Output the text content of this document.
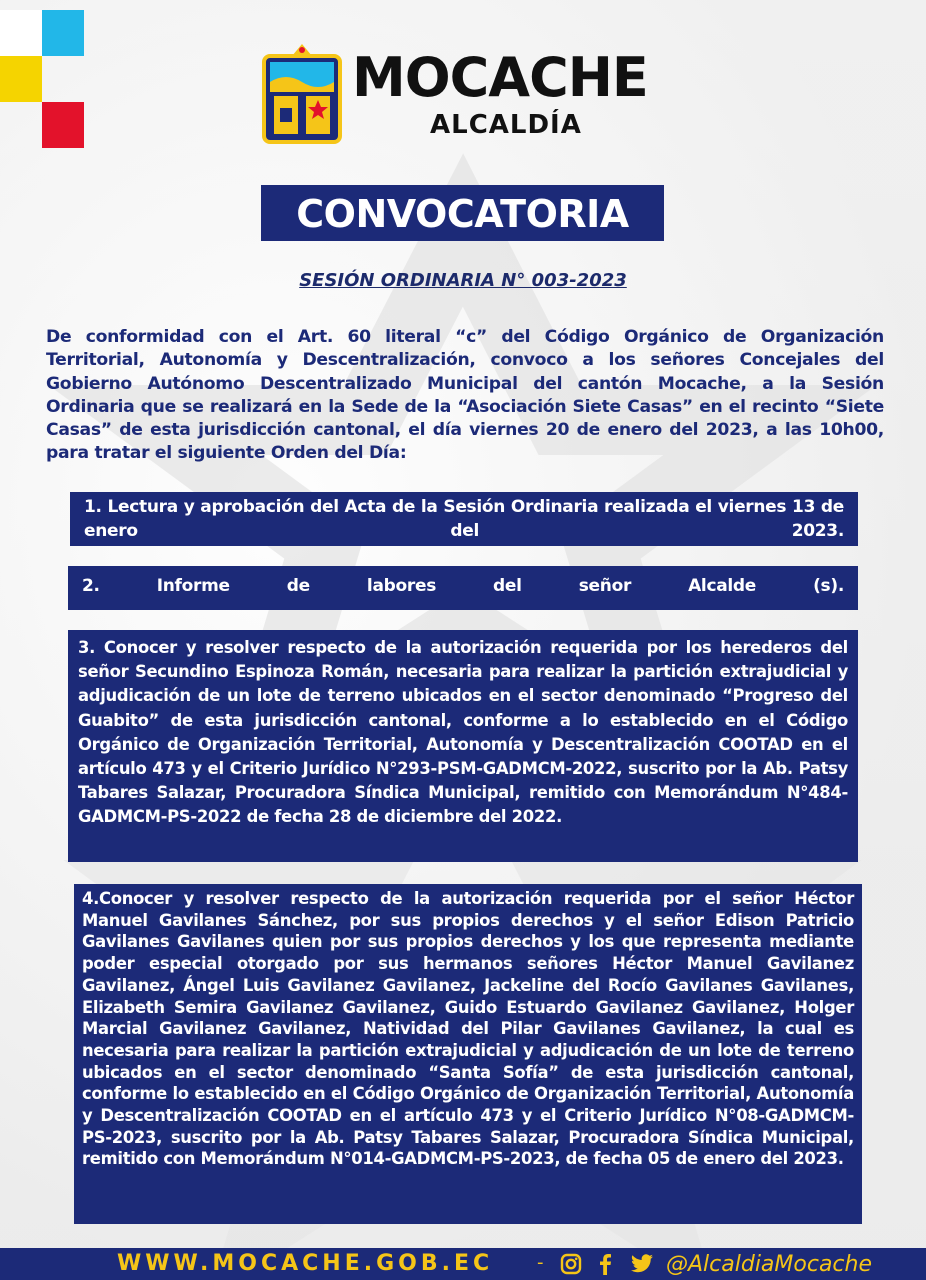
MOCACHE
ALCALDÍA
CONVOCATORIA
SESIÓN ORDINARIA N° 003-2023
De conformidad con el Art. 60 literal “c” del Código Orgánico de Organización Territorial, Autonomía y Descentralización, convoco a los señores Concejales del Gobierno Autónomo Descentralizado Municipal del cantón Mocache, a la Sesión Ordinaria que se realizará en la Sede de la “Asociación Siete Casas” en el recinto “Siete Casas” de esta jurisdicción cantonal, el día viernes 20 de enero del 2023, a las 10h00, para tratar el siguiente Orden del Día:
1. Lectura y aprobación del Acta de la Sesión Ordinaria realizada el viernes 13 de enero del 2023.
2. Informe de labores del señor Alcalde (s).
3. Conocer y resolver respecto de la autorización requerida por los herederos del señor Secundino Espinoza Román, necesaria para realizar la partición extrajudicial y adjudicación de un lote de terreno ubicados en el sector denominado “Progreso del Guabito” de esta jurisdicción cantonal, conforme a lo establecido en el Código Orgánico de Organización Territorial, Autonomía y Descentralización COOTAD en el artículo 473 y el Criterio Jurídico N°293-PSM-GADMCM-2022, suscrito por la Ab. Patsy Tabares Salazar, Procuradora Síndica Municipal, remitido con Memorándum N°484-GADMCM-PS-2022 de fecha 28 de diciembre del 2022.
4.Conocer y resolver respecto de la autorización requerida por el señor Héctor Manuel Gavilanes Sánchez, por sus propios derechos y el señor Edison Patricio Gavilanes Gavilanes quien por sus propios derechos y los que representa mediante poder especial otorgado por sus hermanos señores Héctor Manuel Gavilanez Gavilanez, Ángel Luis Gavilanez Gavilanez, Jackeline del Rocío Gavilanes Gavilanes, Elizabeth Semira Gavilanez Gavilanez, Guido Estuardo Gavilanez Gavilanez, Holger Marcial Gavilanez Gavilanez, Natividad del Pilar Gavilanes Gavilanez, la cual es necesaria para realizar la partición extrajudicial y adjudicación de un lote de terreno ubicados en el sector denominado “Santa Sofía” de esta jurisdicción cantonal, conforme lo establecido en el Código Orgánico de Organización Territorial, Autonomía y Descentralización COOTAD en el artículo 473 y el Criterio Jurídico N°08-GADMCM-PS-2023, suscrito por la Ab. Patsy Tabares Salazar, Procuradora Síndica Municipal, remitido con Memorándum N°014-GADMCM-PS-2023, de fecha 05 de enero del 2023.
WWW.MOCACHE.GOB.EC -	@AlcaldiaMocache
